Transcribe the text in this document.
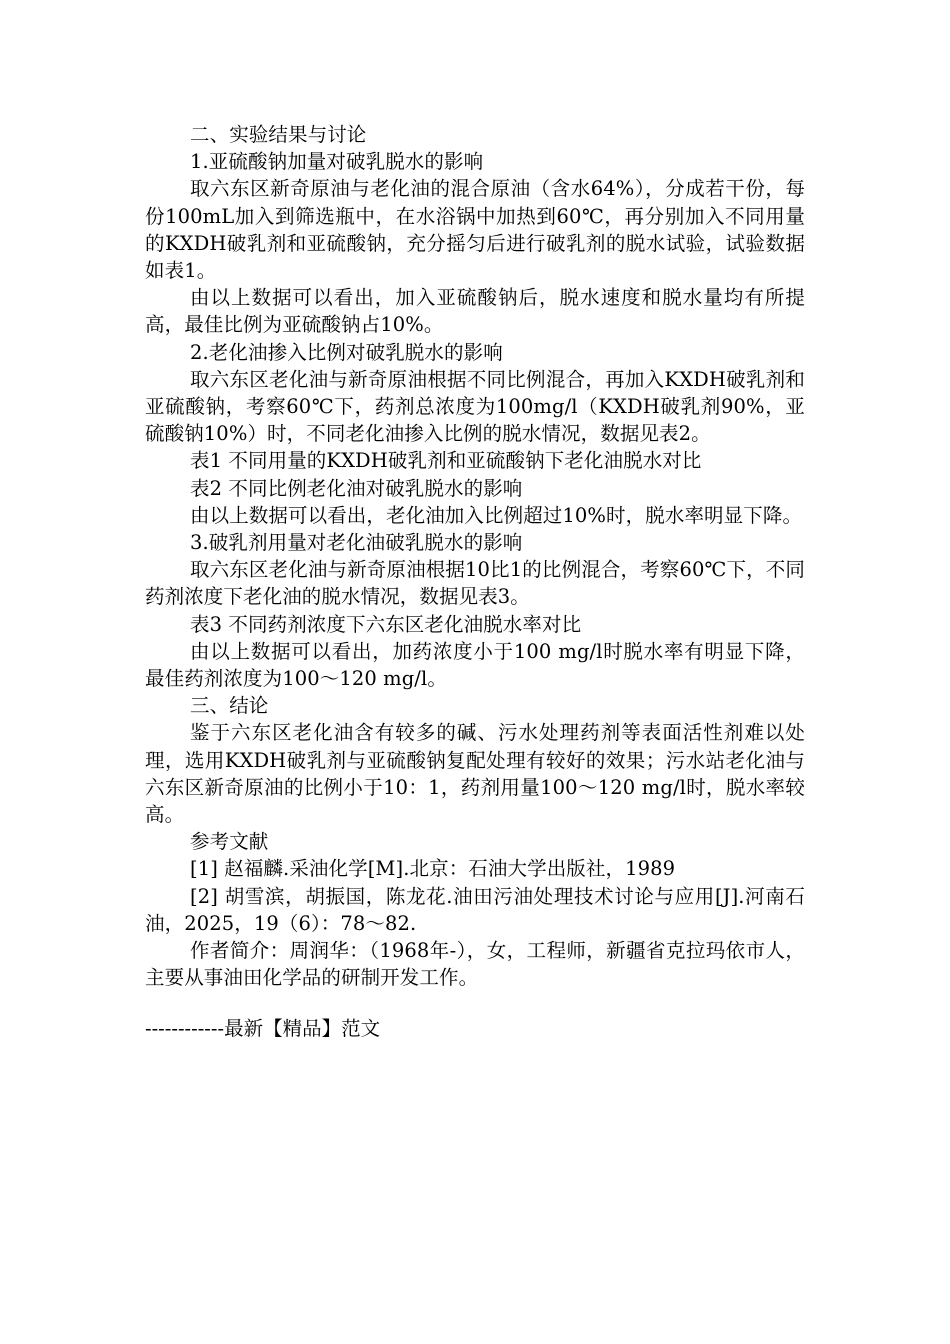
二、实验结果与讨论

1.亚硫酸钠加量对破乳脱水的影响

取六东区新奇原油与老化油的混合原油（含水64%），分成若干份，每份100mL加入到筛选瓶中，在水浴锅中加热到60℃，再分别加入不同用量的KXDH破乳剂和亚硫酸钠，充分摇匀后进行破乳剂的脱水试验，试验数据如表1。

由以上数据可以看出，加入亚硫酸钠后，脱水速度和脱水量均有所提高，最佳比例为亚硫酸钠占10%。

2.老化油掺入比例对破乳脱水的影响

取六东区老化油与新奇原油根据不同比例混合，再加入KXDH破乳剂和亚硫酸钠，考察60℃下，药剂总浓度为100mg/l（KXDH破乳剂90%，亚硫酸钠10%）时，不同老化油掺入比例的脱水情况，数据见表2。

表1 不同用量的KXDH破乳剂和亚硫酸钠下老化油脱水对比

表2 不同比例老化油对破乳脱水的影响

由以上数据可以看出，老化油加入比例超过10%时，脱水率明显下降。

3.破乳剂用量对老化油破乳脱水的影响

取六东区老化油与新奇原油根据10比1的比例混合，考察60℃下，不同药剂浓度下老化油的脱水情况，数据见表3。

表3 不同药剂浓度下六东区老化油脱水率对比

由以上数据可以看出，加药浓度小于100 mg/l时脱水率有明显下降，最佳药剂浓度为100～120 mg/l。

三、结论

鉴于六东区老化油含有较多的碱、污水处理药剂等表面活性剂难以处理，选用KXDH破乳剂与亚硫酸钠复配处理有较好的效果；污水站老化油与六东区新奇原油的比例小于10：1，药剂用量100～120 mg/l时，脱水率较高。

参考文献

[1] 赵福麟.采油化学[M].北京：石油大学出版社，1989

[2] 胡雪滨，胡振国，陈龙花.油田污油处理技术讨论与应用[J].河南石油，2025，19（6）：78～82.

作者简介：周润华：（1968年-），女，工程师，新疆省克拉玛依市人，主要从事油田化学品的研制开发工作。

------------最新【精品】范文
